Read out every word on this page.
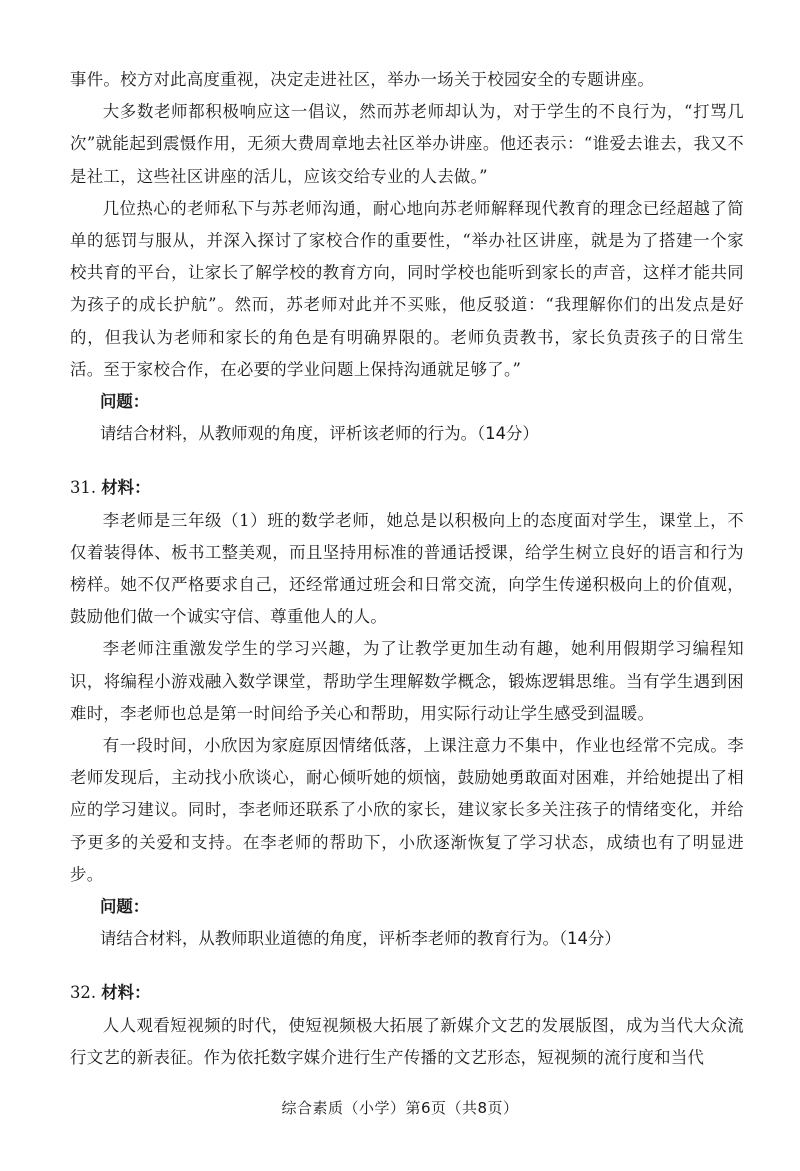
事件。校方对此高度重视，决定走进社区，举办一场关于校园安全的专题讲座。

大多数老师都积极响应这一倡议，然而苏老师却认为，对于学生的不良行为，“打骂几次”就能起到震慑作用，无须大费周章地去社区举办讲座。他还表示：“谁爱去谁去，我又不是社工，这些社区讲座的活儿，应该交给专业的人去做。”

几位热心的老师私下与苏老师沟通，耐心地向苏老师解释现代教育的理念已经超越了简单的惩罚与服从，并深入探讨了家校合作的重要性，“举办社区讲座，就是为了搭建一个家校共育的平台，让家长了解学校的教育方向，同时学校也能听到家长的声音，这样才能共同为孩子的成长护航”。然而，苏老师对此并不买账，他反驳道：“我理解你们的出发点是好的，但我认为老师和家长的角色是有明确界限的。老师负责教书，家长负责孩子的日常生活。至于家校合作，在必要的学业问题上保持沟通就足够了。”

问题：
请结合材料，从教师观的角度，评析该老师的行为。（14分）
31. 材料：

李老师是三年级（1）班的数学老师，她总是以积极向上的态度面对学生，课堂上，不仅着装得体、板书工整美观，而且坚持用标准的普通话授课，给学生树立良好的语言和行为榜样。她不仅严格要求自己，还经常通过班会和日常交流，向学生传递积极向上的价值观，鼓励他们做一个诚实守信、尊重他人的人。

李老师注重激发学生的学习兴趣，为了让教学更加生动有趣，她利用假期学习编程知识，将编程小游戏融入数学课堂，帮助学生理解数学概念，锻炼逻辑思维。当有学生遇到困难时，李老师也总是第一时间给予关心和帮助，用实际行动让学生感受到温暖。

有一段时间，小欣因为家庭原因情绪低落，上课注意力不集中，作业也经常不完成。李老师发现后，主动找小欣谈心，耐心倾听她的烦恼，鼓励她勇敢面对困难，并给她提出了相应的学习建议。同时，李老师还联系了小欣的家长，建议家长多关注孩子的情绪变化，并给予更多的关爱和支持。在李老师的帮助下，小欣逐渐恢复了学习状态，成绩也有了明显进步。

问题：
请结合材料，从教师职业道德的角度，评析李老师的教育行为。（14分）
32. 材料：

人人观看短视频的时代，使短视频极大拓展了新媒介文艺的发展版图，成为当代大众流行文艺的新表征。作为依托数字媒介进行生产传播的文艺形态，短视频的流行度和当代

综合素质（小学）第6页（共8页）
